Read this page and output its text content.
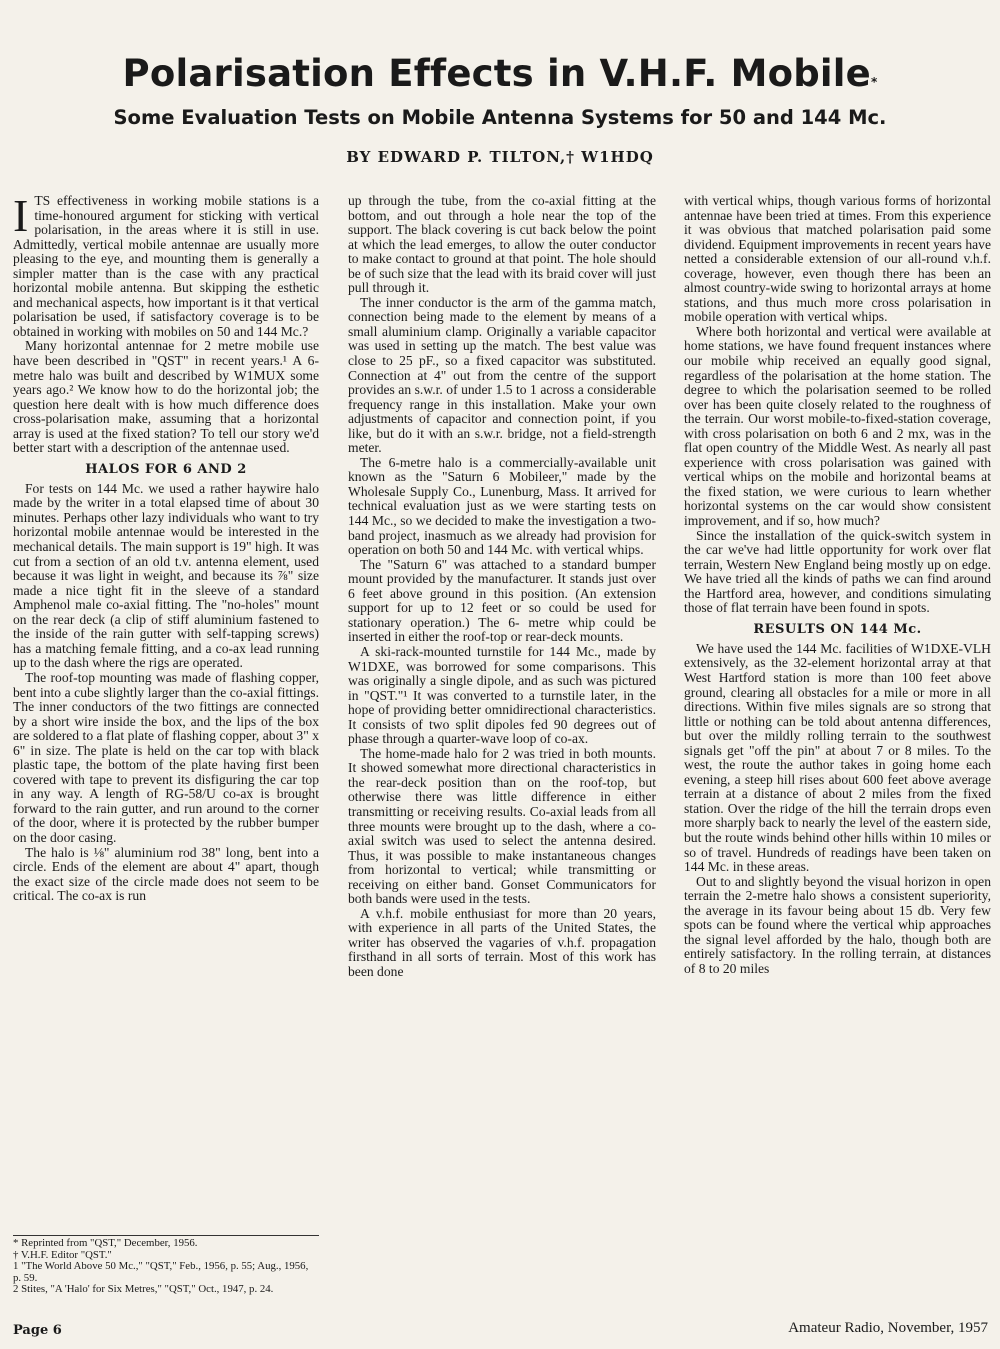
Polarisation Effects in V.H.F. Mobile*
Some Evaluation Tests on Mobile Antenna Systems for 50 and 144 Mc.
BY EDWARD P. TILTON,† W1HDQ

ITS effectiveness in working mobile stations is a time-honoured argument for sticking with vertical polarisation, in the areas where it is still in use. Admittedly, vertical mobile antennae are usually more pleasing to the eye, and mounting them is generally a simpler matter than is the case with any practical horizontal mobile antenna. But skipping the esthetic and mechanical aspects, how important is it that vertical polarisation be used, if satisfactory coverage is to be obtained in working with mobiles on 50 and 144 Mc.?

Many horizontal antennae for 2 metre mobile use have been described in "QST" in recent years.¹ A 6-metre halo was built and described by W1MUX some years ago.² We know how to do the horizontal job; the question here dealt with is how much difference does cross-polarisation make, assuming that a horizontal array is used at the fixed station? To tell our story we'd better start with a description of the antennae used.

HALOS FOR 6 AND 2

For tests on 144 Mc. we used a rather haywire halo made by the writer in a total elapsed time of about 30 minutes. Perhaps other lazy individuals who want to try horizontal mobile antennae would be interested in the mechanical details. The main support is 19" high. It was cut from a section of an old t.v. antenna element, used because it was light in weight, and because its ⅞" size made a nice tight fit in the sleeve of a standard Amphenol male co-axial fitting. The "no-holes" mount on the rear deck (a clip of stiff aluminium fastened to the inside of the rain gutter with self-tapping screws) has a matching female fitting, and a co-ax lead running up to the dash where the rigs are operated.

The roof-top mounting was made of flashing copper, bent into a cube slightly larger than the co-axial fittings. The inner conductors of the two fittings are connected by a short wire inside the box, and the lips of the box are soldered to a flat plate of flashing copper, about 3" x 6" in size. The plate is held on the car top with black plastic tape, the bottom of the plate having first been covered with tape to prevent its disfiguring the car top in any way. A length of RG-58/U co-ax is brought forward to the rain gutter, and run around to the corner of the door, where it is protected by the rubber bumper on the door casing.

The halo is ⅛" aluminium rod 38" long, bent into a circle. Ends of the element are about 4" apart, though the exact size of the circle made does not seem to be critical. The co-ax is run

* Reprinted from "QST," December, 1956.
† V.H.F. Editor "QST."
1 "The World Above 50 Mc.," "QST," Feb., 1956, p. 55; Aug., 1956, p. 59.
2 Stites, "A 'Halo' for Six Metres," "QST," Oct., 1947, p. 24.

up through the tube, from the co-axial fitting at the bottom, and out through a hole near the top of the support. The black covering is cut back below the point at which the lead emerges, to allow the outer conductor to make contact to ground at that point. The hole should be of such size that the lead with its braid cover will just pull through it.

The inner conductor is the arm of the gamma match, connection being made to the element by means of a small aluminium clamp. Originally a variable capacitor was used in setting up the match. The best value was close to 25 pF., so a fixed capacitor was substituted. Connection at 4" out from the centre of the support provides an s.w.r. of under 1.5 to 1 across a considerable frequency range in this installation. Make your own adjustments of capacitor and connection point, if you like, but do it with an s.w.r. bridge, not a field-strength meter.

The 6-metre halo is a commercially-available unit known as the "Saturn 6 Mobileer," made by the Wholesale Supply Co., Lunenburg, Mass. It arrived for technical evaluation just as we were starting tests on 144 Mc., so we decided to make the investigation a two-band project, inasmuch as we already had provision for operation on both 50 and 144 Mc. with vertical whips.

The "Saturn 6" was attached to a standard bumper mount provided by the manufacturer. It stands just over 6 feet above ground in this position. (An extension support for up to 12 feet or so could be used for stationary operation.) The 6- metre whip could be inserted in either the roof-top or rear-deck mounts.

A ski-rack-mounted turnstile for 144 Mc., made by W1DXE, was borrowed for some comparisons. This was originally a single dipole, and as such was pictured in "QST."¹ It was converted to a turnstile later, in the hope of providing better omnidirectional characteristics. It consists of two split dipoles fed 90 degrees out of phase through a quarter-wave loop of co-ax.

The home-made halo for 2 was tried in both mounts. It showed somewhat more directional characteristics in the rear-deck position than on the roof-top, but otherwise there was little difference in either transmitting or receiving results. Co-axial leads from all three mounts were brought up to the dash, where a co-axial switch was used to select the antenna desired. Thus, it was possible to make instantaneous changes from horizontal to vertical; while transmitting or receiving on either band. Gonset Communicators for both bands were used in the tests.

A v.h.f. mobile enthusiast for more than 20 years, with experience in all parts of the United States, the writer has observed the vagaries of v.h.f. propagation firsthand in all sorts of terrain. Most of this work has been done

with vertical whips, though various forms of horizontal antennae have been tried at times. From this experience it was obvious that matched polarisation paid some dividend. Equipment improvements in recent years have netted a considerable extension of our all-round v.h.f. coverage, however, even though there has been an almost country-wide swing to horizontal arrays at home stations, and thus much more cross polarisation in mobile operation with vertical whips.

Where both horizontal and vertical were available at home stations, we have found frequent instances where our mobile whip received an equally good signal, regardless of the polarisation at the home station. The degree to which the polarisation seemed to be rolled over has been quite closely related to the roughness of the terrain. Our worst mobile-to-fixed-station coverage, with cross polarisation on both 6 and 2 mx, was in the flat open country of the Middle West. As nearly all past experience with cross polarisation was gained with vertical whips on the mobile and horizontal beams at the fixed station, we were curious to learn whether horizontal systems on the car would show consistent improvement, and if so, how much?

Since the installation of the quick-switch system in the car we've had little opportunity for work over flat terrain, Western New England being mostly up on edge. We have tried all the kinds of paths we can find around the Hartford area, however, and conditions simulating those of flat terrain have been found in spots.

RESULTS ON 144 Mc.

We have used the 144 Mc. facilities of W1DXE-VLH extensively, as the 32-element horizontal array at that West Hartford station is more than 100 feet above ground, clearing all obstacles for a mile or more in all directions. Within five miles signals are so strong that little or nothing can be told about antenna differences, but over the mildly rolling terrain to the southwest signals get "off the pin" at about 7 or 8 miles. To the west, the route the author takes in going home each evening, a steep hill rises about 600 feet above average terrain at a distance of about 2 miles from the fixed station. Over the ridge of the hill the terrain drops even more sharply back to nearly the level of the eastern side, but the route winds behind other hills within 10 miles or so of travel. Hundreds of readings have been taken on 144 Mc. in these areas.

Out to and slightly beyond the visual horizon in open terrain the 2-metre halo shows a consistent superiority, the average in its favour being about 15 db. Very few spots can be found where the vertical whip approaches the signal level afforded by the halo, though both are entirely satisfactory. In the rolling terrain, at distances of 8 to 20 miles

Page 6	Amateur Radio, November, 1957
